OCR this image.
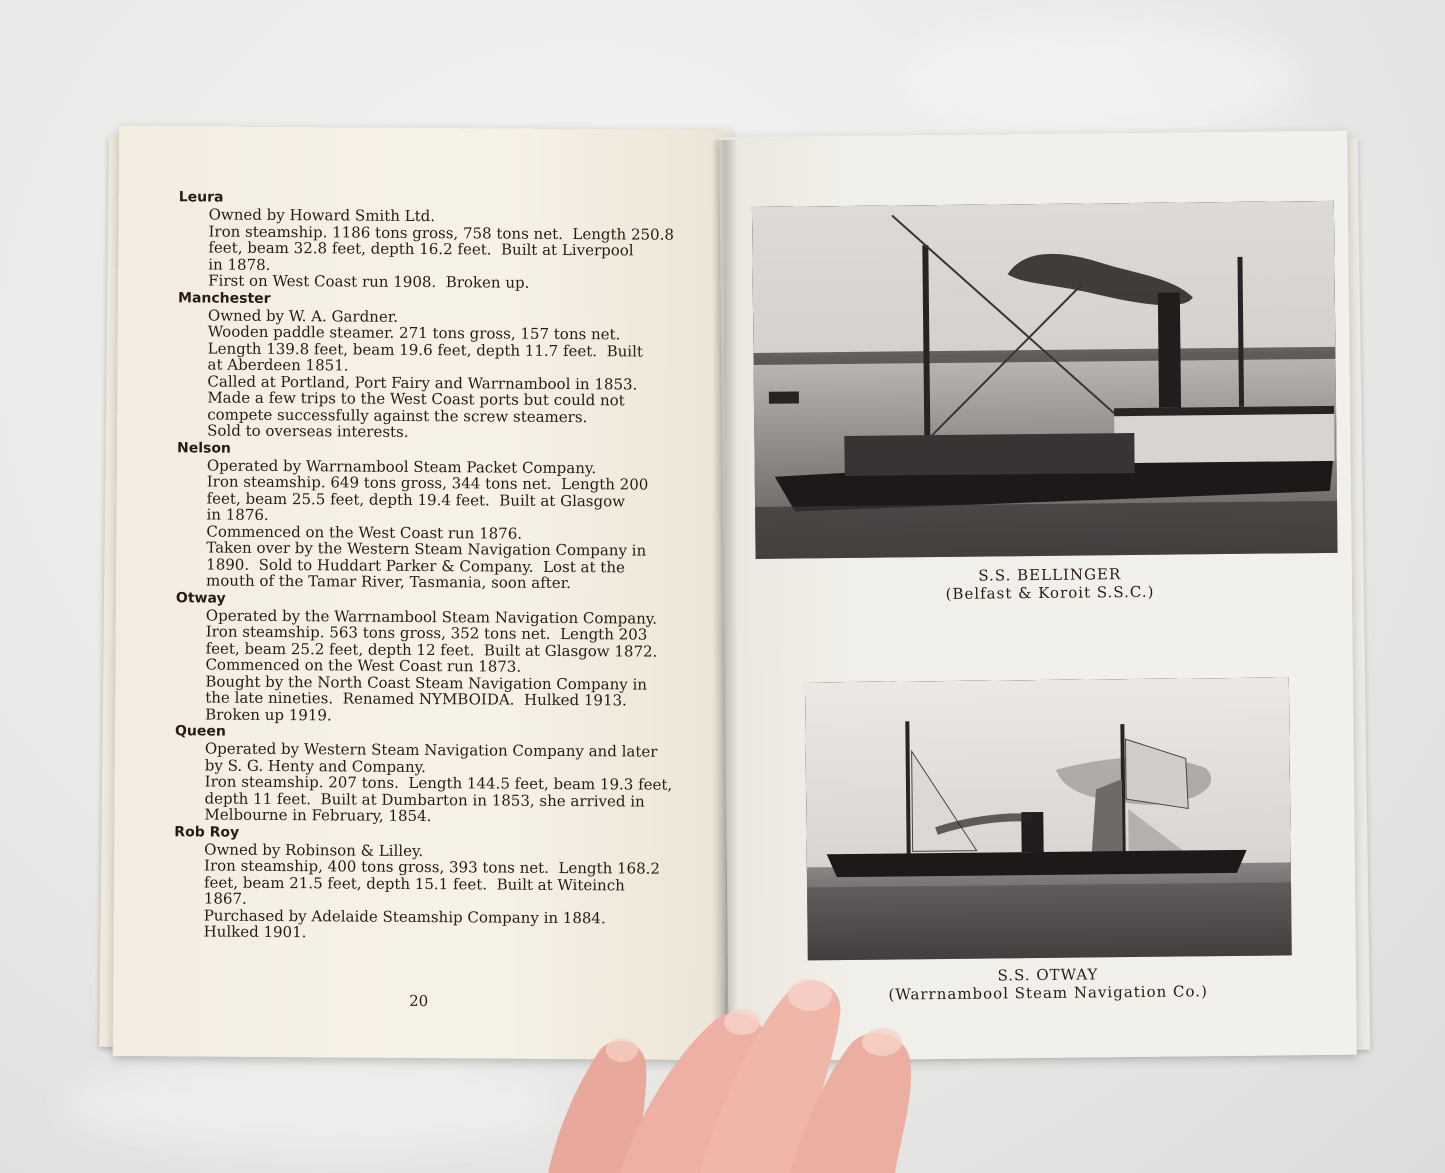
Leura
Owned by Howard Smith Ltd.
Iron steamship. 1186 tons gross, 758 tons net.  Length 250.8
feet, beam 32.8 feet, depth 16.2 feet.  Built at Liverpool
in 1878.
First on West Coast run 1908.  Broken up.
Manchester
Owned by W. A. Gardner.
Wooden paddle steamer. 271 tons gross, 157 tons net.
Length 139.8 feet, beam 19.6 feet, depth 11.7 feet.  Built
at Aberdeen 1851.
Called at Portland, Port Fairy and Warrnambool in 1853.
Made a few trips to the West Coast ports but could not
compete successfully against the screw steamers.
Sold to overseas interests.
Nelson
Operated by Warrnambool Steam Packet Company.
Iron steamship. 649 tons gross, 344 tons net.  Length 200
feet, beam 25.5 feet, depth 19.4 feet.  Built at Glasgow
in 1876.
Commenced on the West Coast run 1876.
Taken over by the Western Steam Navigation Company in
1890.  Sold to Huddart Parker & Company.  Lost at the
mouth of the Tamar River, Tasmania, soon after.
Otway
Operated by the Warrnambool Steam Navigation Company.
Iron steamship. 563 tons gross, 352 tons net.  Length 203
feet, beam 25.2 feet, depth 12 feet.  Built at Glasgow 1872.
Commenced on the West Coast run 1873.
Bought by the North Coast Steam Navigation Company in
the late nineties.  Renamed NYMBOIDA.  Hulked 1913.
Broken up 1919.
Queen
Operated by Western Steam Navigation Company and later
by S. G. Henty and Company.
Iron steamship. 207 tons.  Length 144.5 feet, beam 19.3 feet,
depth 11 feet.  Built at Dumbarton in 1853, she arrived in
Melbourne in February, 1854.
Rob Roy
Owned by Robinson & Lilley.
Iron steamship, 400 tons gross, 393 tons net.  Length 168.2
feet, beam 21.5 feet, depth 15.1 feet.  Built at Witeinch
1867.
Purchased by Adelaide Steamship Company in 1884.
Hulked 1901.
20
S.S. BELLINGER
(Belfast & Koroit S.S.C.)
S.S. OTWAY
(Warrnambool Steam Navigation Co.)
